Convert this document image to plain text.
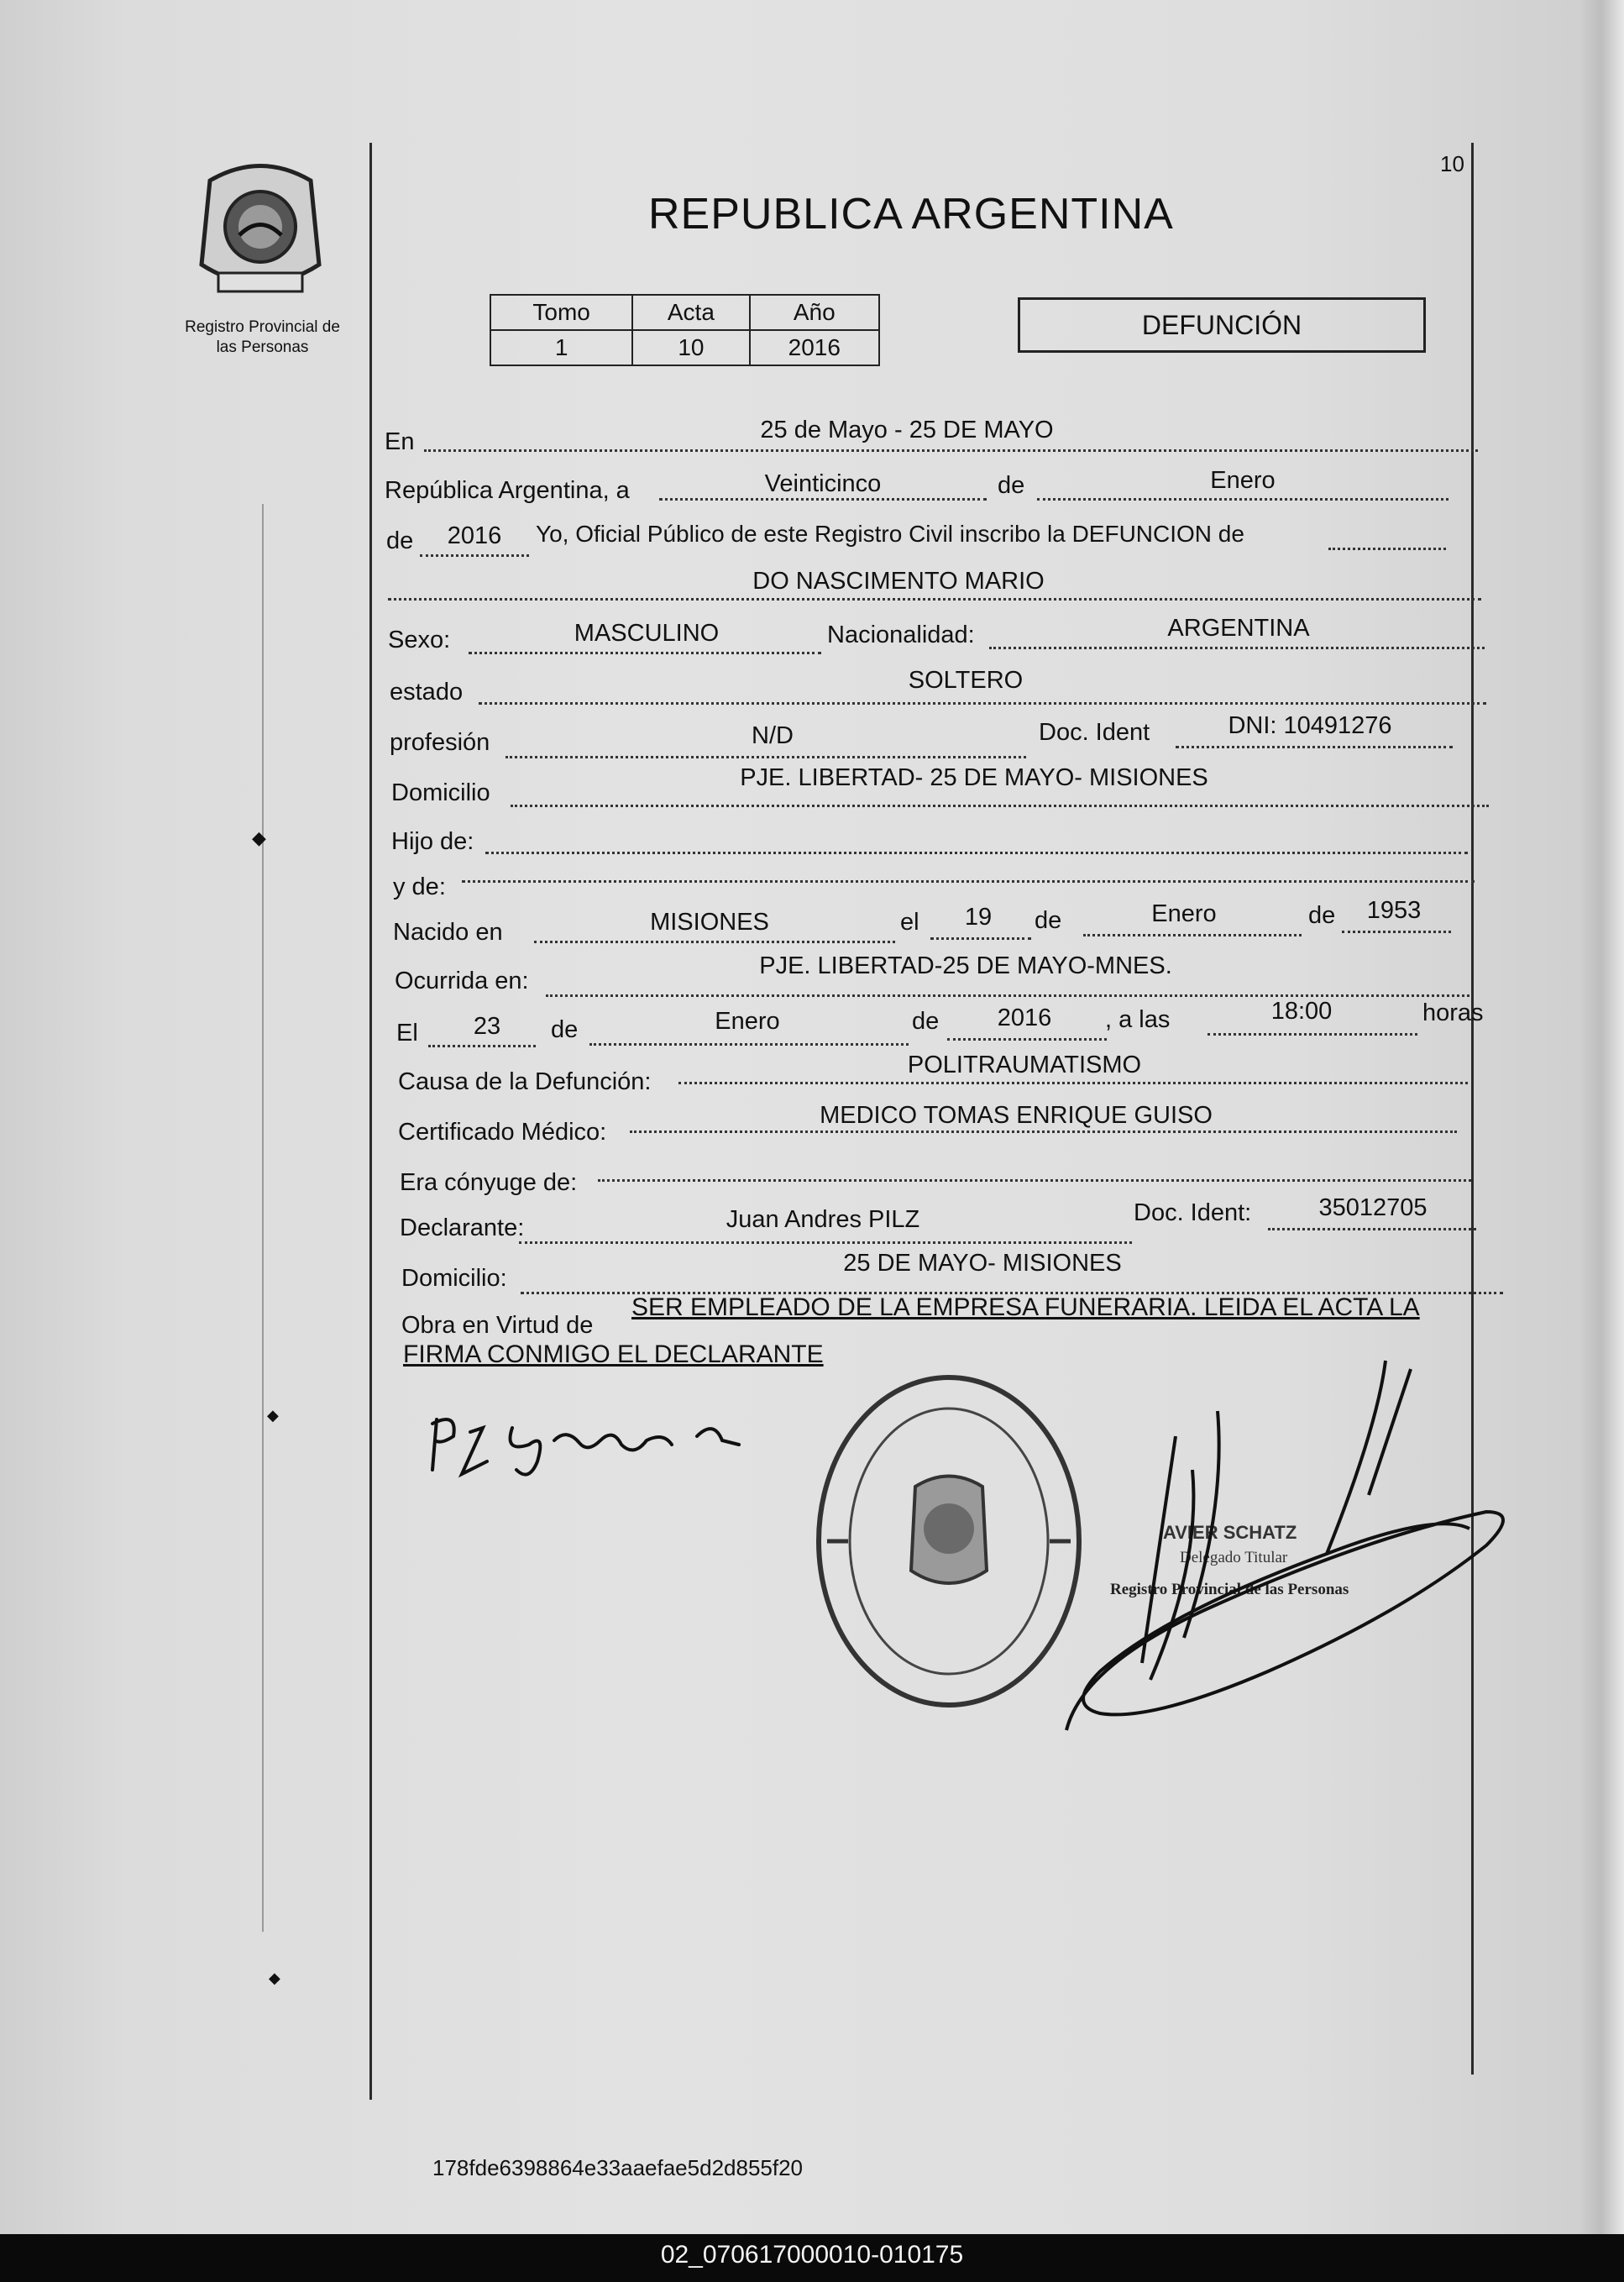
◆
◆
◆
10
Registro Provincial de
las Personas
REPUBLICA ARGENTINA
Tomo	Acta	Año
1	10	2016
DEFUNCIÓN
En	25 de Mayo - 25 DE MAYO
República Argentina, a	Veinticinco	de	Enero
de	2016	Yo, Oficial Público de este Registro Civil inscribo la DEFUNCION de
DO NASCIMENTO MARIO
Sexo:	MASCULINO	Nacionalidad:	ARGENTINA
estado	SOLTERO
profesión	N/D	Doc. Ident	DNI: 10491276
Domicilio
PJE. LIBERTAD- 25 DE MAYO- MISIONES
Hijo de:
y de:
Nacido en	MISIONES	el	19	de	Enero	de	1953
Ocurrida en:
PJE. LIBERTAD-25 DE MAYO-MNES.
El	23	de	Enero	de	2016	, a las	18:00	horas
Causa de la Defunción:
POLITRAUMATISMO
Certificado Médico:
MEDICO TOMAS ENRIQUE GUISO
Era cónyuge de:
Declarante:	Juan Andres PILZ	Doc. Ident:	35012705
Domicilio:
25 DE MAYO- MISIONES
Obra en Virtud de
SER EMPLEADO DE LA EMPRESA FUNERARIA. LEIDA EL ACTA LA
FIRMA CONMIGO EL DECLARANTE
AVIER SCHATZ
Delegado Titular
Registro Provincial de las Personas
178fde6398864e33aaefae5d2d855f20
02_070617000010-010175
